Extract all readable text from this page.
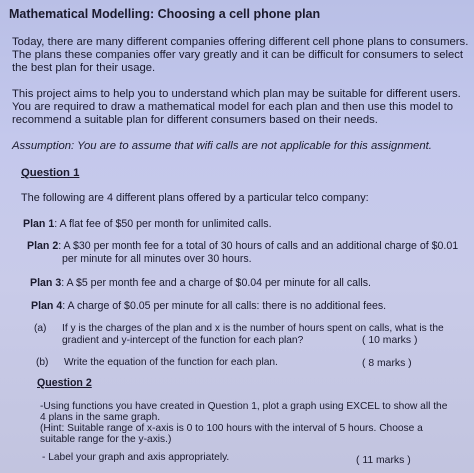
Mathematical Modelling: Choosing a cell phone plan

Today, there are many different companies offering different cell phone plans to consumers.

The plans these companies offer vary greatly and it can be difficult for consumers to select

the best plan for their usage.

This project aims to help you to understand which plan may be suitable for different users.

You are required to draw a mathematical model for each plan and then use this model to

recommend a suitable plan for different consumers based on their needs.

Assumption: You are to assume that wifi calls are not applicable for this assignment.

Question 1

The following are 4 different plans offered by a particular telco company:

Plan 1: A flat fee of $50 per month for unlimited calls.

Plan 2: A $30 per month fee for a total of 30 hours of calls and an additional charge of $0.01

per minute for all minutes over 30 hours.

Plan 3: A $5 per month fee and a charge of $0.04 per minute for all calls.

Plan 4: A charge of $0.05 per minute for all calls: there is no additional fees.

(a) If y is the charges of the plan and x is the number of hours spent on calls, what is the

gradient and y-intercept of the function for each plan?	( 10 marks )

(b) Write the equation of the function for each plan.	( 8 marks )

Question 2

-Using functions you have created in Question 1, plot a graph using EXCEL to show all the

4 plans in the same graph.

(Hint: Suitable range of x-axis is 0 to 100 hours with the interval of 5 hours. Choose a

suitable range for the y-axis.)

- Label your graph and axis appropriately.	( 11 marks )
